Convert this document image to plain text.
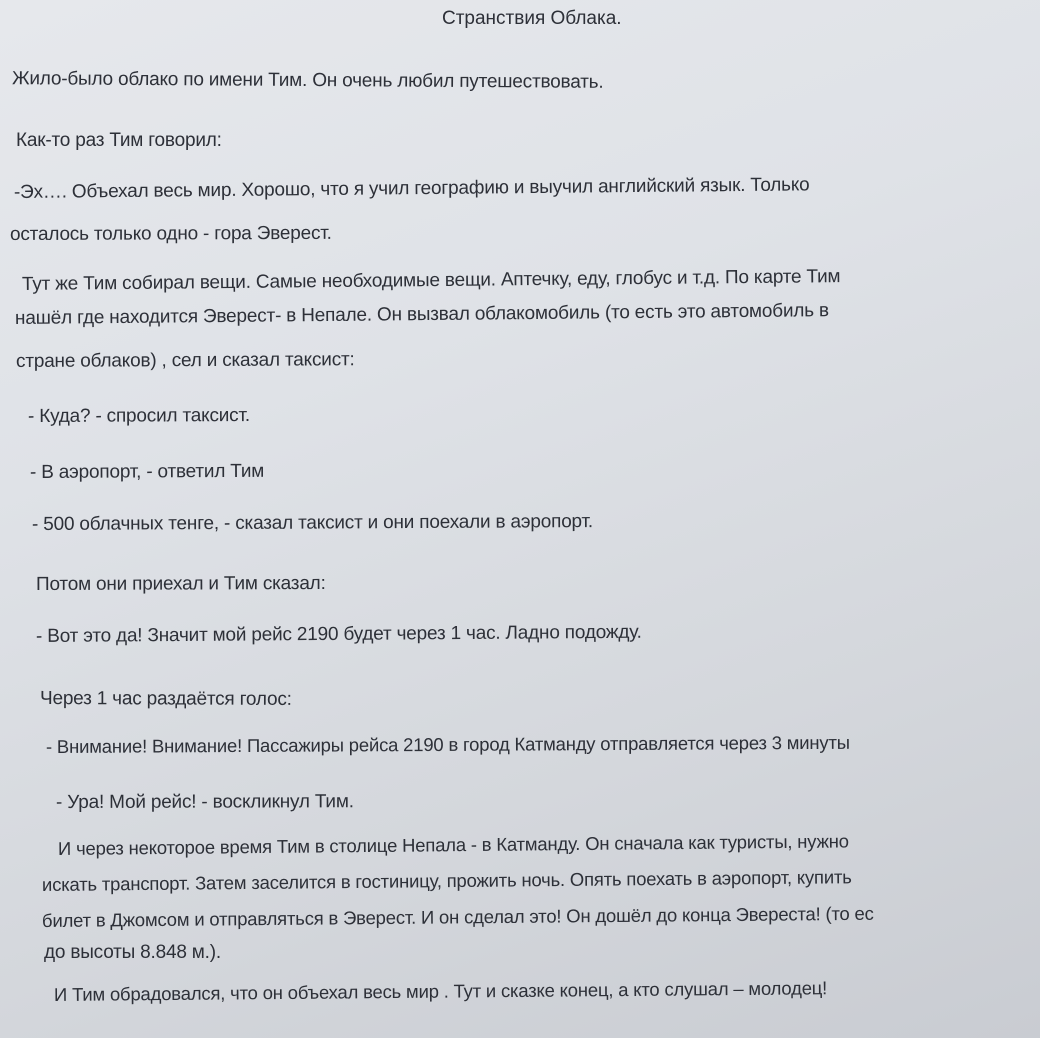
Странствия Облака.
Жило-было облако по имени Тим. Он очень любил путешествовать.
Как-то раз Тим говорил:
-Эх…. Объехал весь мир. Хорошо, что я учил географию и выучил английский язык. Только
осталось только одно - гора Эверест.
Тут же Тим собирал вещи. Самые необходимые вещи. Аптечку, еду, глобус и т.д. По карте Тим
нашёл где находится Эверест- в Непале. Он вызвал облакомобиль (то есть это автомобиль в
стране облаков) , сел и сказал таксист:
- Куда? - спросил таксист.
- В аэропорт, - ответил Тим
- 500 облачных тенге, - сказал таксист и они поехали в аэропорт.
Потом они приехал и Тим сказал:
- Вот это да! Значит мой рейс 2190 будет через 1 час. Ладно подожду.
Через 1 час раздаётся голос:
- Внимание! Внимание! Пассажиры рейса 2190 в город Катманду отправляется через 3 минуты
- Ура! Мой рейс! - воскликнул Тим.
И через некоторое время Тим в столице Непала - в Катманду. Он сначала как туристы, нужно
искать транспорт. Затем заселится в гостиницу, прожить ночь. Опять поехать в аэропорт, купить
билет в Джомсом и отправляться в Эверест. И он сделал это! Он дошёл до конца Эвереста! (то ес
до высоты 8.848 м.).
И Тим обрадовался, что он объехал весь мир . Тут и сказке конец, а кто слушал – молодец!
